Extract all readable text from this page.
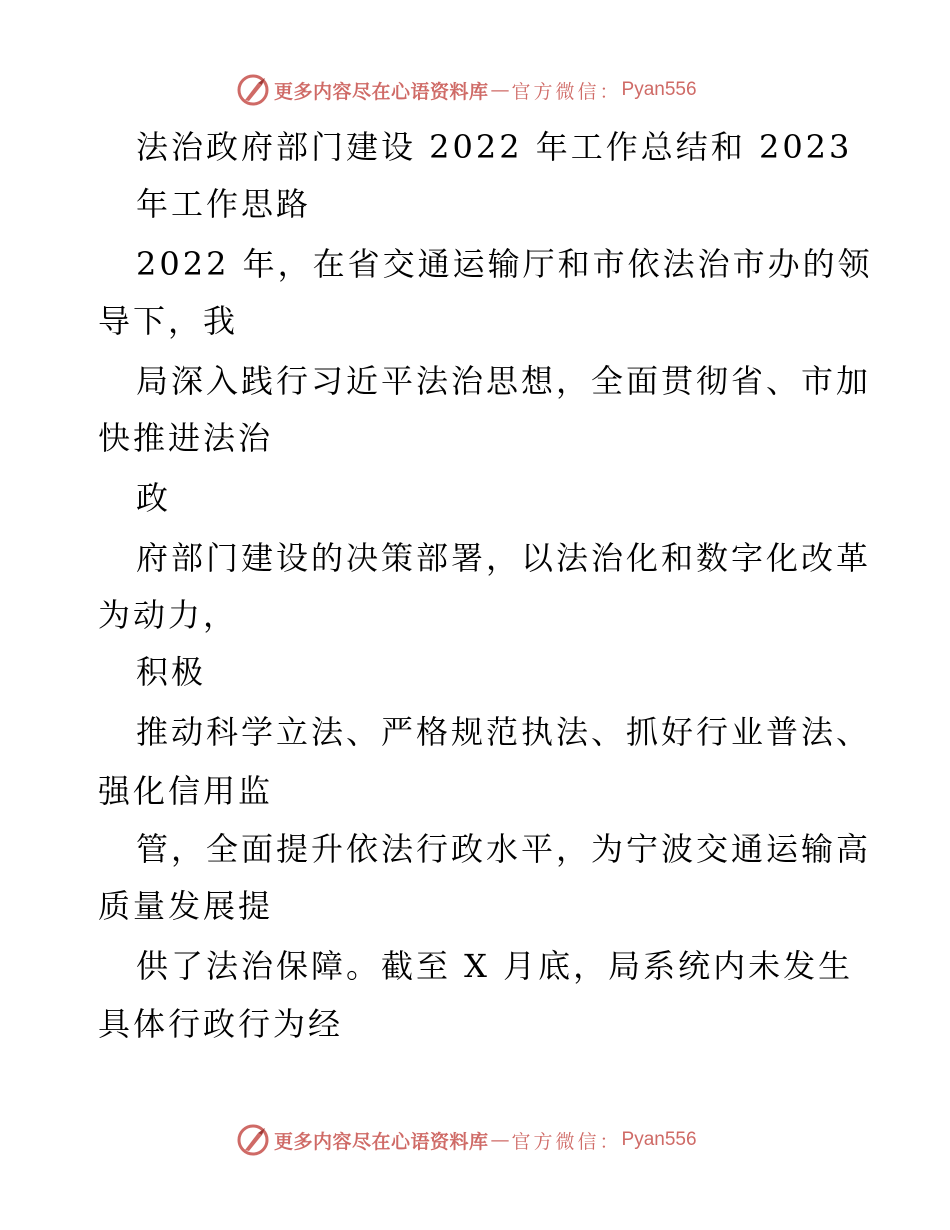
更多内容尽在心语资料库 — 官方微信： Pyan556
法治政府部门建设 2022 年工作总结和 2023
年工作思路
2022 年，在省交通运输厅和市依法治市办的领
导下，我
局深入践行习近平法治思想，全面贯彻省、市加
快推进法治
政
府部门建设的决策部署，以法治化和数字化改革
为动力，
积极
推动科学立法、严格规范执法、抓好行业普法、
强化信用监
管，全面提升依法行政水平，为宁波交通运输高
质量发展提
供了法治保障。截至 X 月底，局系统内未发生
具体行政行为经
更多内容尽在心语资料库 — 官方微信： Pyan556
